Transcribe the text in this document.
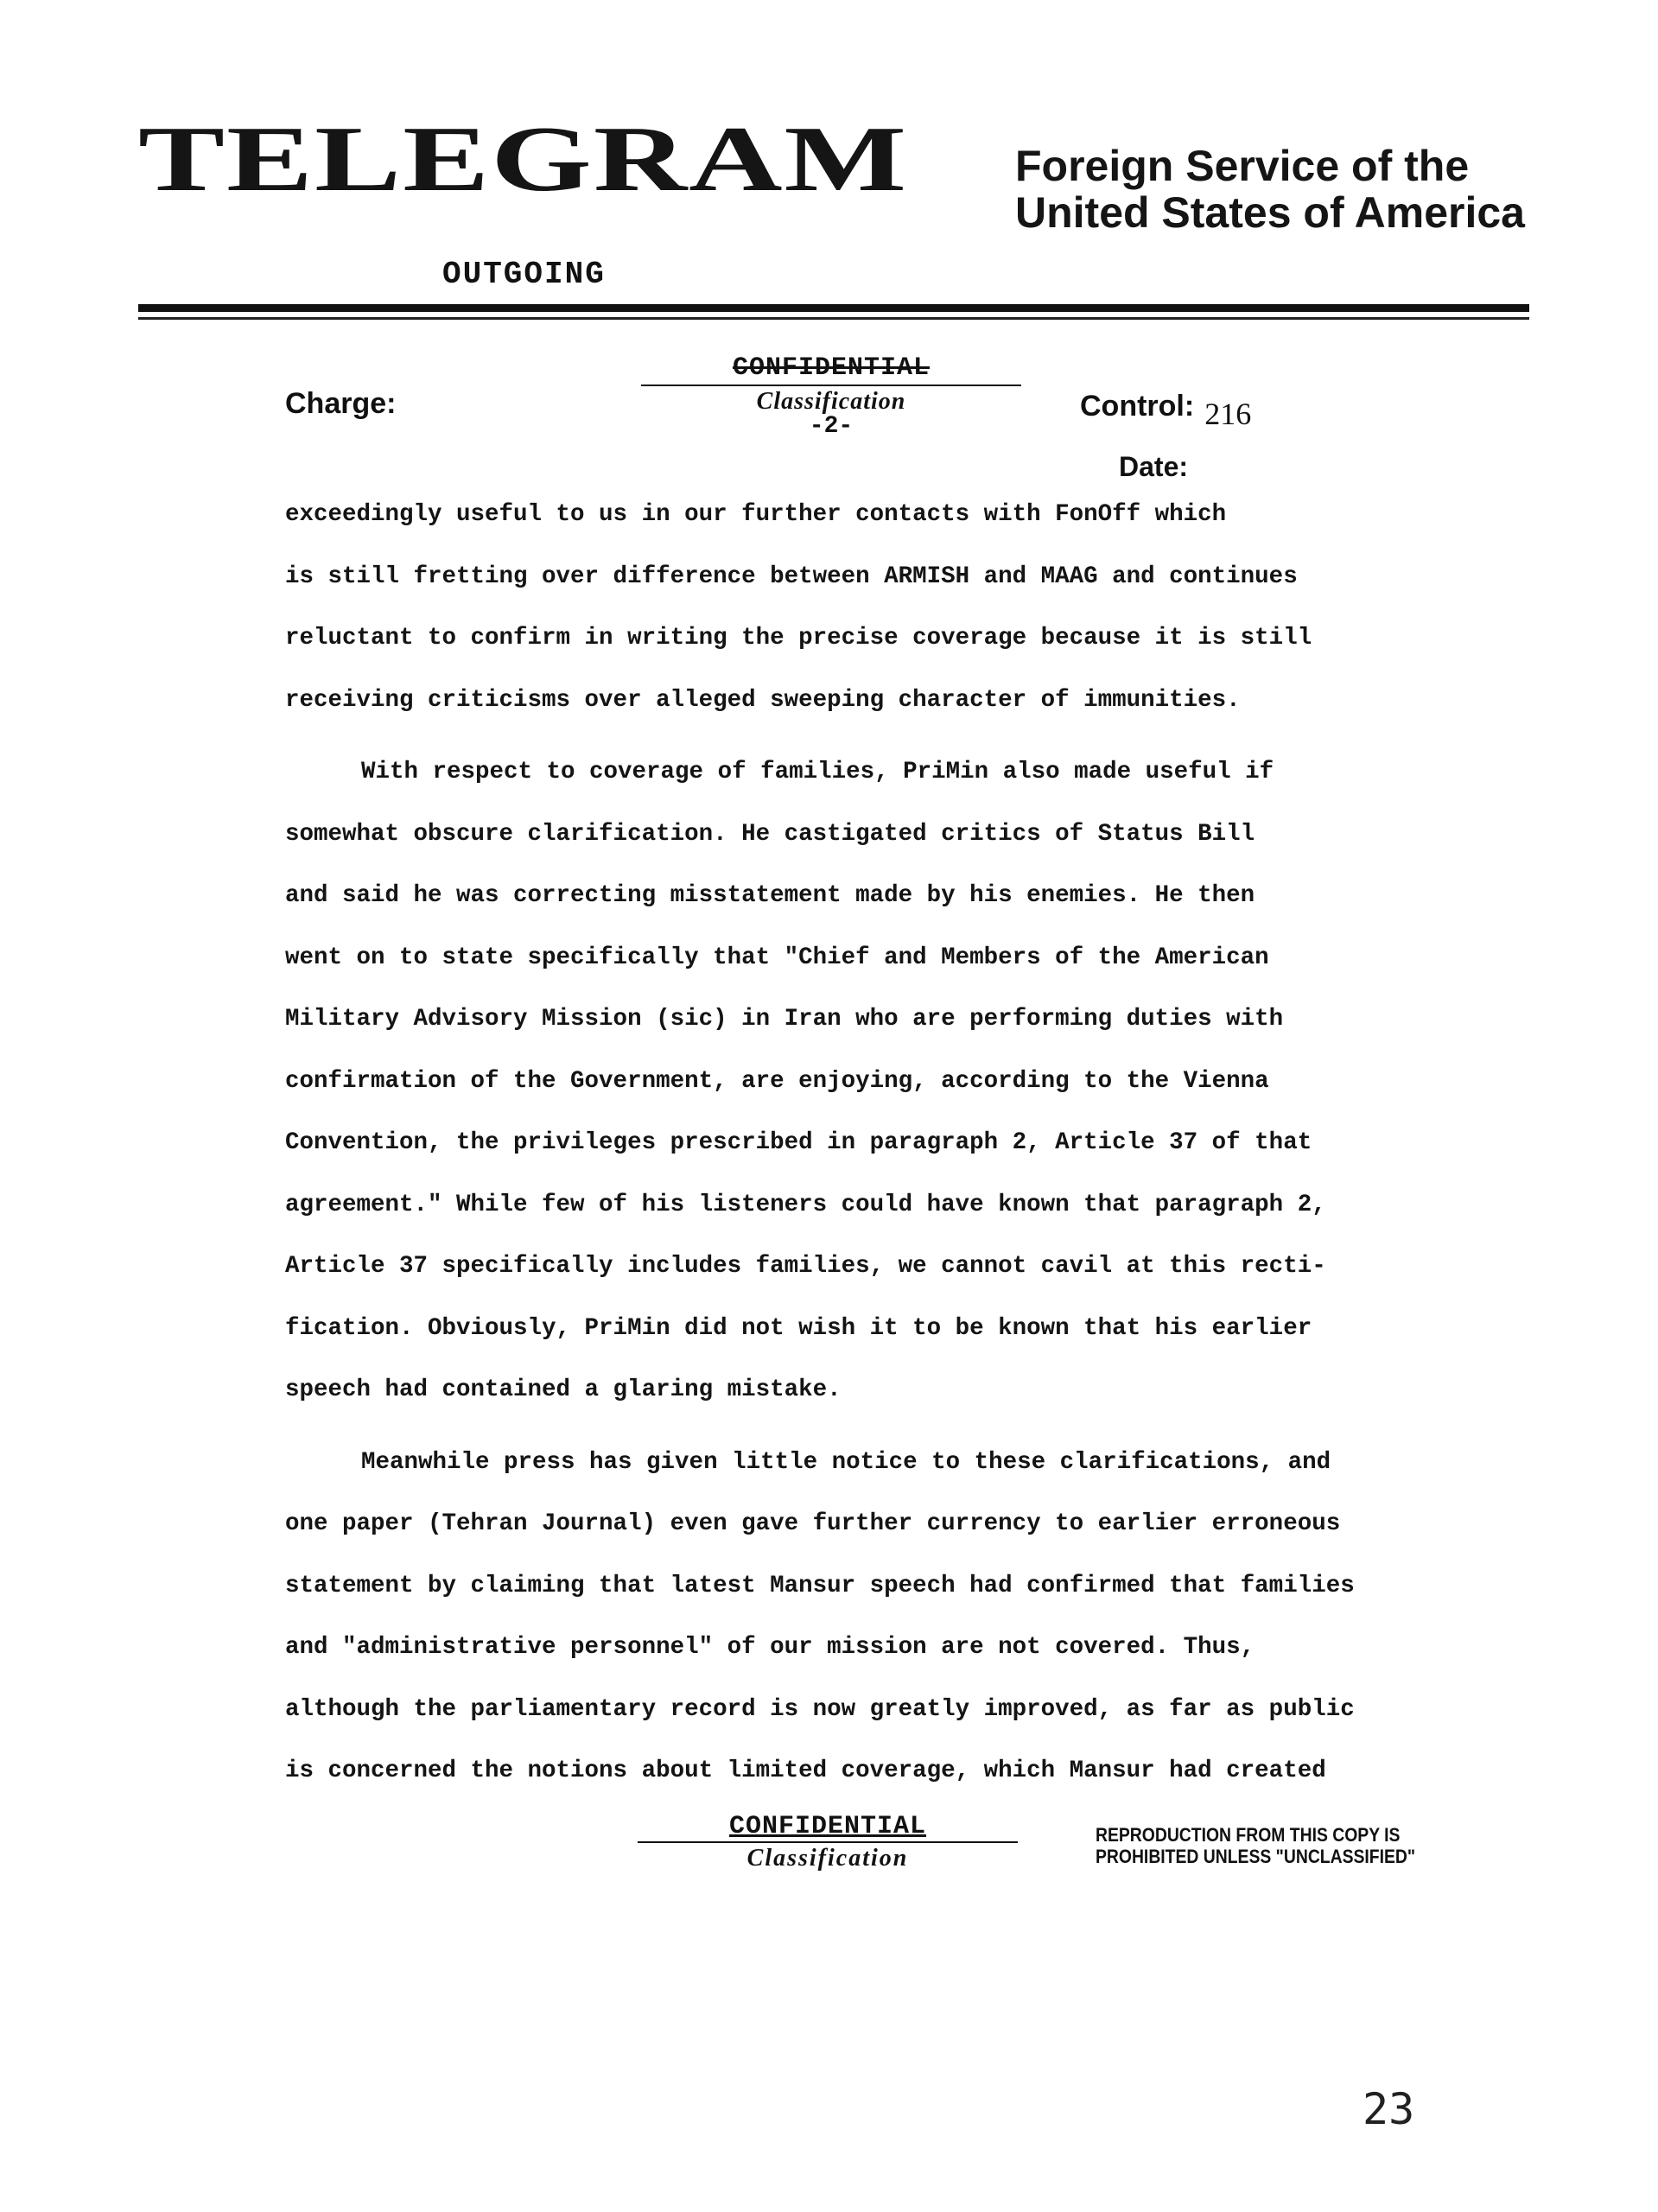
TELEGRAM Foreign Service of the
United States of America
OUTGOING
Charge:
CONFIDENTIAL
Classification
-2-
Control: 216
Date:
exceedingly useful to us in our further contacts with FonOff which
is still fretting over difference between ARMISH and MAAG and continues
reluctant to confirm in writing the precise coverage because it is still
receiving criticisms over alleged sweeping character of immunities.
With respect to coverage of families, PriMin also made useful if
somewhat obscure clarification. He castigated critics of Status Bill
and said he was correcting misstatement made by his enemies. He then
went on to state specifically that "Chief and Members of the American
Military Advisory Mission (sic) in Iran who are performing duties with
confirmation of the Government, are enjoying, according to the Vienna
Convention, the privileges prescribed in paragraph 2, Article 37 of that
agreement." While few of his listeners could have known that paragraph 2,
Article 37 specifically includes families, we cannot cavil at this recti-
fication. Obviously, PriMin did not wish it to be known that his earlier
speech had contained a glaring mistake.
Meanwhile press has given little notice to these clarifications, and
one paper (Tehran Journal) even gave further currency to earlier erroneous
statement by claiming that latest Mansur speech had confirmed that families
and "administrative personnel" of our mission are not covered. Thus,
although the parliamentary record is now greatly improved, as far as public
is concerned the notions about limited coverage, which Mansur had created
CONFIDENTIAL
Classification
REPRODUCTION FROM THIS COPY IS
PROHIBITED UNLESS "UNCLASSIFIED"
23
